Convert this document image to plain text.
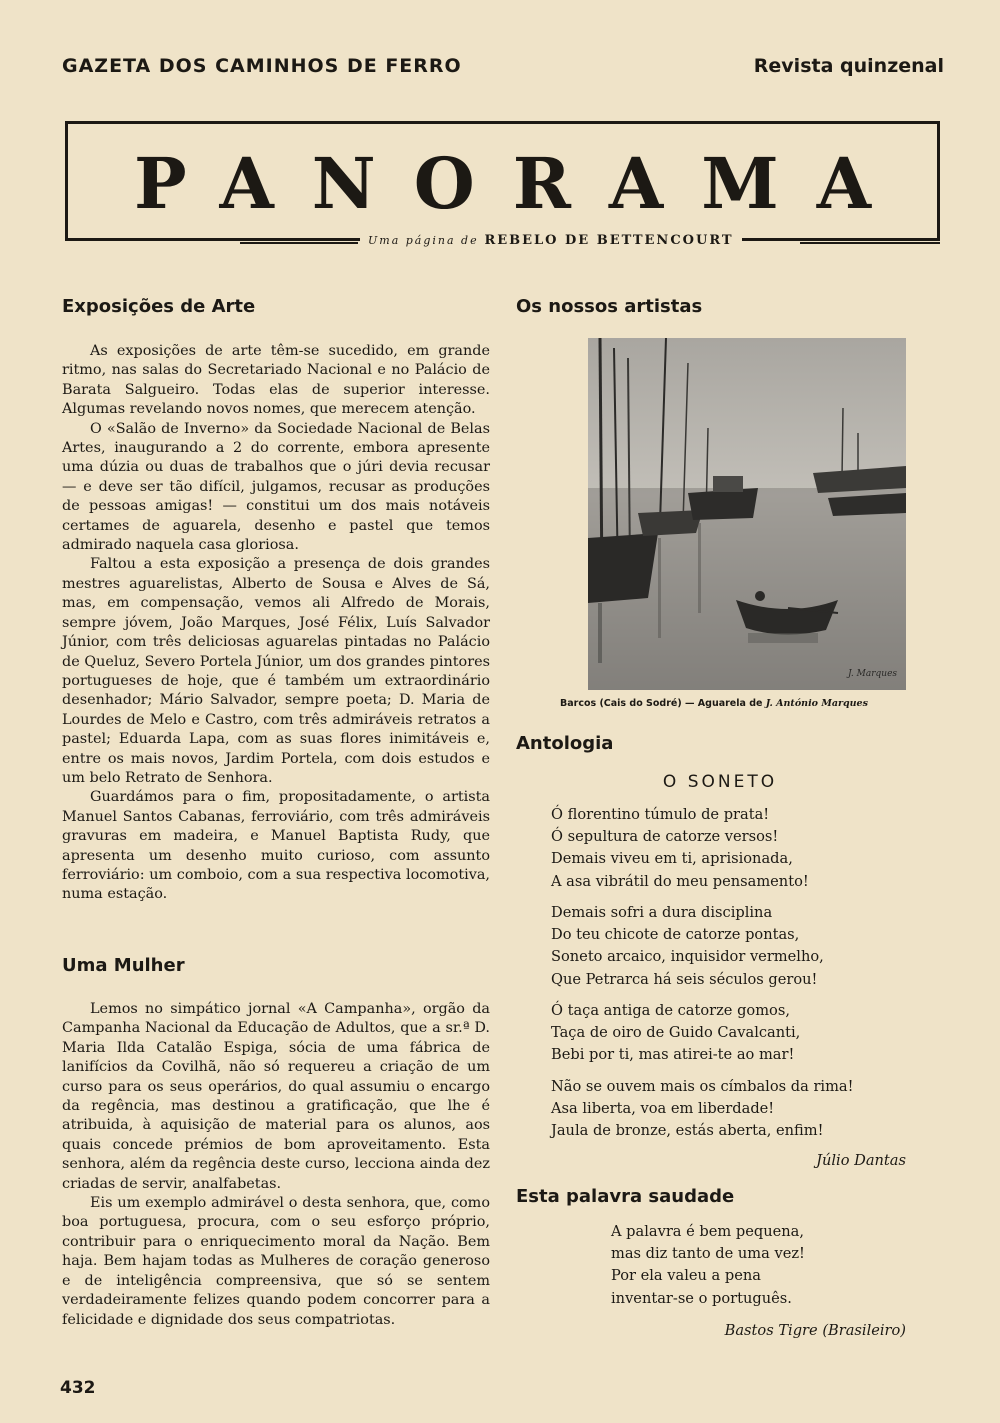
GAZETA DOS CAMINHOS DE FERRO	Revista quinzenal
PANORAMA
Uma página de REBELO DE BETTENCOURT
Exposições de Arte

As exposições de arte têm-se sucedido, em grande ritmo, nas salas do Secretariado Nacional e no Palácio de Barata Salgueiro. Todas elas de superior interesse. Algumas revelando novos nomes, que merecem atenção.

O «Salão de Inverno» da Sociedade Nacional de Belas Artes, inaugurando a 2 do corrente, embora apresente uma dúzia ou duas de trabalhos que o júri devia recusar — e deve ser tão difícil, julgamos, recusar as produções de pessoas amigas! — constitui um dos mais notáveis certames de aguarela, desenho e pastel que temos admirado naquela casa gloriosa.

Faltou a esta exposição a presença de dois grandes mestres aguarelistas, Alberto de Sousa e Alves de Sá, mas, em compensação, vemos ali Alfredo de Morais, sempre jóvem, João Marques, José Félix, Luís Salvador Júnior, com três deliciosas aguarelas pintadas no Palácio de Queluz, Severo Portela Júnior, um dos grandes pintores portugueses de hoje, que é também um extraordinário desenhador; Mário Salvador, sempre poeta; D. Maria de Lourdes de Melo e Castro, com três admiráveis retratos a pastel; Eduarda Lapa, com as suas flores inimitáveis e, entre os mais novos, Jardim Portela, com dois estudos e um belo Retrato de Senhora.

Guardámos para o fim, propositadamente, o artista Manuel Santos Cabanas, ferroviário, com três admiráveis gravuras em madeira, e Manuel Baptista Rudy, que apresenta um desenho muito curioso, com assunto ferroviário: um comboio, com a sua respectiva locomotiva, numa estação.

Uma Mulher

Lemos no simpático jornal «A Campanha», orgão da Campanha Nacional da Educação de Adultos, que a sr.ª D. Maria Ilda Catalão Espiga, sócia de uma fábrica de lanifícios da Covilhã, não só requereu a criação de um curso para os seus operários, do qual assumiu o encargo da regência, mas destinou a gratificação, que lhe é atribuida, à aquisição de material para os alunos, aos quais concede prémios de bom aproveitamento. Esta senhora, além da regência deste curso, lecciona ainda dez criadas de servir, analfabetas.

Eis um exemplo admirável o desta senhora, que, como boa portuguesa, procura, com o seu esforço próprio, contribuir para o enriquecimento moral da Nação. Bem haja. Bem hajam todas as Mulheres de coração generoso e de inteligência compreensiva, que só se sentem verdadeiramente felizes quando podem concorrer para a felicidade e dignidade dos seus compatriotas.

Os nossos artistas
J. Marques
Barcos (Cais do Sodré) — Aguarela de J. António Marques
Antologia
O SONETO
Ó florentino túmulo de prata!
Ó sepultura de catorze versos!
Demais viveu em ti, aprisionada,
A asa vibrátil do meu pensamento!
Demais sofri a dura disciplina
Do teu chicote de catorze pontas,
Soneto arcaico, inquisidor vermelho,
Que Petrarca há seis séculos gerou!
Ó taça antiga de catorze gomos,
Taça de oiro de Guido Cavalcanti,
Bebi por ti, mas atirei-te ao mar!
Não se ouvem mais os címbalos da rima!
Asa liberta, voa em liberdade!
Jaula de bronze, estás aberta, enfim!
Júlio Dantas
Esta palavra saudade
A palavra é bem pequena,
mas diz tanto de uma vez!
Por ela valeu a pena
inventar-se o português.
Bastos Tigre (Brasileiro)
432
